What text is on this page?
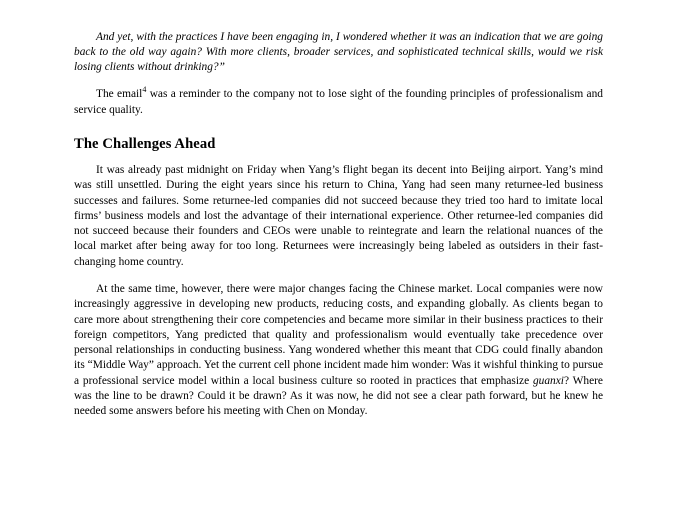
And yet, with the practices I have been engaging in, I wondered whether it was an indication that we are going back to the old way again? With more clients, broader services, and sophisticated technical skills, would we risk losing clients without drinking?”

The email$^4$ was a reminder to the company not to lose sight of the founding principles of professionalism and service quality.

The Challenges Ahead

It was already past midnight on Friday when Yang’s flight began its decent into Beijing airport. Yang’s mind was still unsettled. During the eight years since his return to China, Yang had seen many returnee-led business successes and failures. Some returnee-led companies did not succeed because they tried too hard to imitate local firms’ business models and lost the advantage of their international experience. Other returnee-led companies did not succeed because their founders and CEOs were unable to reintegrate and learn the relational nuances of the local market after being away for too long. Returnees were increasingly being labeled as outsiders in their fast-changing home country.

At the same time, however, there were major changes facing the Chinese market. Local companies were now increasingly aggressive in developing new products, reducing costs, and expanding globally. As clients began to care more about strengthening their core competencies and became more similar in their business practices to their foreign competitors, Yang predicted that quality and professionalism would eventually take precedence over personal relationships in conducting business. Yang wondered whether this meant that CDG could finally abandon its “Middle Way” approach. Yet the current cell phone incident made him wonder: Was it wishful thinking to pursue a professional service model within a local business culture so rooted in practices that emphasize guanxi? Where was the line to be drawn? Could it be drawn? As it was now, he did not see a clear path forward, but he knew he needed some answers before his meeting with Chen on Monday.
